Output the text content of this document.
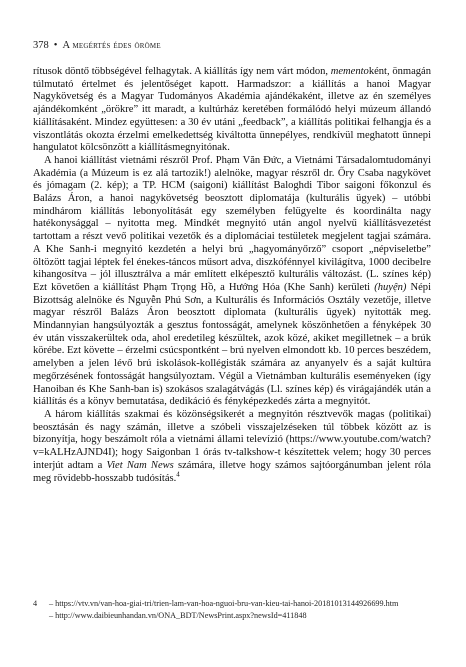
378 • A megértés édes öröme

rítusok döntő többségével felhagytak. A kiállítás így nem várt módon, mementoként, önmagán túlmutató értelmet és jelentőséget kapott. Harmadszor: a kiállítás a hanoi Magyar Nagykövetség és a Magyar Tudományos Akadémia ajándékaként, illetve az én személyes ajándékomként „örökre” itt maradt, a kultúrház keretében formálódó helyi múzeum állandó kiállításaként. Mindez együttesen: a 30 év utáni „feedback”, a kiállítás politikai felhangja és a viszontlátás okozta érzelmi emelkedettség kiváltotta ünnepélyes, rendkívül meghatott ünnepi hangulatot kölcsönzött a kiállításmegnyitónak.

A hanoi kiállítást vietnámi részről Prof. Phạm Văn Đức, a Vietnámi Társadalomtudományi Akadémia (a Múzeum is ez alá tartozik!) alelnöke, magyar részről dr. Őry Csaba nagykövet és jómagam (2. kép); a TP. HCM (saigoni) kiállítást Baloghdi Tibor saigoni főkonzul és Balázs Áron, a hanoi nagykövetség beosztott diplomatája (kulturális ügyek) – utóbbi mindhárom kiállítás lebonyolítását egy személyben felügyelte és koordinálta nagy hatékonysággal – nyitotta meg. Mindkét megnyitó után angol nyelvű kiállításvezetést tartottam a részt vevő politikai vezetők és a diplomáciai testületek megjelent tagjai számára. A Khe Sanh-i megnyitó kezdetén a helyi brú „hagyományőrző” csoport „népviseletbe” öltözött tagjai léptek fel énekes-táncos műsort adva, diszkófénnyel kivilágítva, 1000 decibelre kihangosítva – jól illusztrálva a már említett elképesztő kulturális változást. (L. színes kép) Ezt követően a kiállítást Phạm Trọng Hồ, a Hướng Hóa (Khe Sanh) kerületi (huyện) Népi Bizottság alelnöke és Nguyễn Phú Sơn, a Kulturális és Információs Osztály vezetője, illetve magyar részről Balázs Áron beosztott diplomata (kulturális ügyek) nyitották meg. Mindannyian hangsúlyozták a gesztus fontosságát, amelynek köszönhetően a fényképek 30 év után visszakerültek oda, ahol eredetileg készültek, azok közé, akiket megilletnek – a brúk körébe. Ezt követte – érzelmi csúcspontként – brú nyelven elmondott kb. 10 perces beszédem, amelyben a jelen lévő brú iskolások-kollégisták számára az anyanyelv és a saját kultúra megőrzésének fontosságát hangsúlyoztam. Végül a Vietnámban kulturális eseményeken (így Hanoiban és Khe Sanh-ban is) szokásos szalagátvágás (Ll. színes kép) és virágajándék után a kiállítás és a könyv bemutatása, dedikáció és fényképezkedés zárta a megnyitót.

A három kiállítás szakmai és közönségsikerét a megnyitón résztvevők magas (politikai) beosztásán és nagy számán, illetve a szóbeli visszajelzéseken túl többek között az is bizonyítja, hogy beszámolt róla a vietnámi állami televízió (https://www.youtube.com/watch?v=kALHzAJND4I); hogy Saigonban 1 órás tv-talkshow-t készítettek velem; hogy 30 perces interjút adtam a Viet Nam News számára, illetve hogy számos sajtóorgánumban jelent róla meg rövidebb-hosszabb tudósítás.$^4$

4	– https://vtv.vn/van-hoa-giai-tri/trien-lam-van-hoa-nguoi-bru-van-kieu-tai-hanoi-20181013144926699.htm
– http://www.daibieunhandan.vn/ONA_BDT/NewsPrint.aspx?newsId=411848
